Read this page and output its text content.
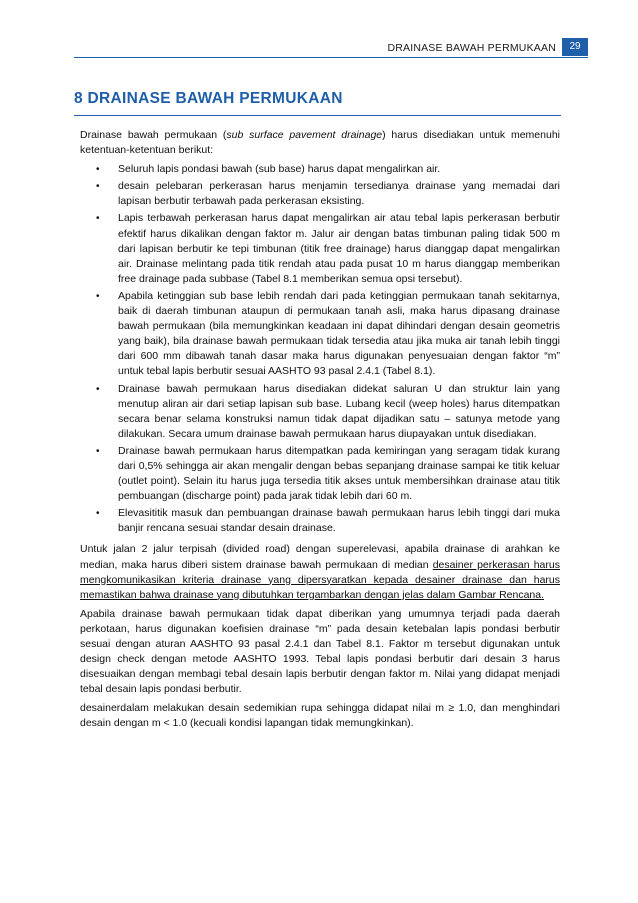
DRAINASE BAWAH PERMUKAAN	29
8 DRAINASE BAWAH PERMUKAAN

Drainase bawah permukaan (sub surface pavement drainage) harus disediakan untuk memenuhi ketentuan-ketentuan berikut:

• Seluruh lapis pondasi bawah (sub base) harus dapat mengalirkan air.
• desain pelebaran perkerasan harus menjamin tersedianya drainase yang memadai dari lapisan berbutir terbawah pada perkerasan eksisting.
• Lapis terbawah perkerasan harus dapat mengalirkan air atau tebal lapis perkerasan berbutir efektif harus dikalikan dengan faktor m. Jalur air dengan batas timbunan paling tidak 500 m dari lapisan berbutir ke tepi timbunan (titik free drainage) harus dianggap dapat mengalirkan air. Drainase melintang pada titik rendah atau pada pusat 10 m harus dianggap memberikan free drainage pada subbase (Tabel 8.1 memberikan semua opsi tersebut).
• Apabila ketinggian sub base lebih rendah dari pada ketinggian permukaan tanah sekitarnya, baik di daerah timbunan ataupun di permukaan tanah asli, maka harus dipasang drainase bawah permukaan (bila memungkinkan keadaan ini dapat dihindari dengan desain geometris yang baik), bila drainase bawah permukaan tidak tersedia atau jika muka air tanah lebih tinggi dari 600 mm dibawah tanah dasar maka harus digunakan penyesuaian dengan faktor “m” untuk tebal lapis berbutir sesuai AASHTO 93 pasal 2.4.1 (Tabel 8.1).
• Drainase bawah permukaan harus disediakan didekat saluran U dan struktur lain yang menutup aliran air dari setiap lapisan sub base. Lubang kecil (weep holes) harus ditempatkan secara benar selama konstruksi namun tidak dapat dijadikan satu – satunya metode yang dilakukan. Secara umum drainase bawah permukaan harus diupayakan untuk disediakan.
• Drainase bawah permukaan harus ditempatkan pada kemiringan yang seragam tidak kurang dari 0,5% sehingga air akan mengalir dengan bebas sepanjang drainase sampai ke titik keluar (outlet point). Selain itu harus juga tersedia titik akses untuk membersihkan drainase atau titik pembuangan (discharge point) pada jarak tidak lebih dari 60 m.
• Elevasititik masuk dan pembuangan drainase bawah permukaan harus lebih tinggi dari muka banjir rencana sesuai standar desain drainase.

Untuk jalan 2 jalur terpisah (divided road) dengan superelevasi, apabila drainase di arahkan ke median, maka harus diberi sistem drainase bawah permukaan di median desainer perkerasan harus mengkomunikasikan kriteria drainase yang dipersyaratkan kepada desainer drainase dan harus memastikan bahwa drainase yang dibutuhkan tergambarkan dengan jelas dalam Gambar Rencana.

Apabila drainase bawah permukaan tidak dapat diberikan yang umumnya terjadi pada daerah perkotaan, harus digunakan koefisien drainase “m” pada desain ketebalan lapis pondasi berbutir sesuai dengan aturan AASHTO 93 pasal 2.4.1 dan Tabel 8.1. Faktor m tersebut digunakan untuk design check dengan metode AASHTO 1993. Tebal lapis pondasi berbutir dari desain 3 harus disesuaikan dengan membagi tebal desain lapis berbutir dengan faktor m. Nilai yang didapat menjadi tebal desain lapis pondasi berbutir.

desainerdalam melakukan desain sedemikian rupa sehingga didapat nilai m ≥ 1.0, dan menghindari desain dengan m < 1.0 (kecuali kondisi lapangan tidak memungkinkan).
